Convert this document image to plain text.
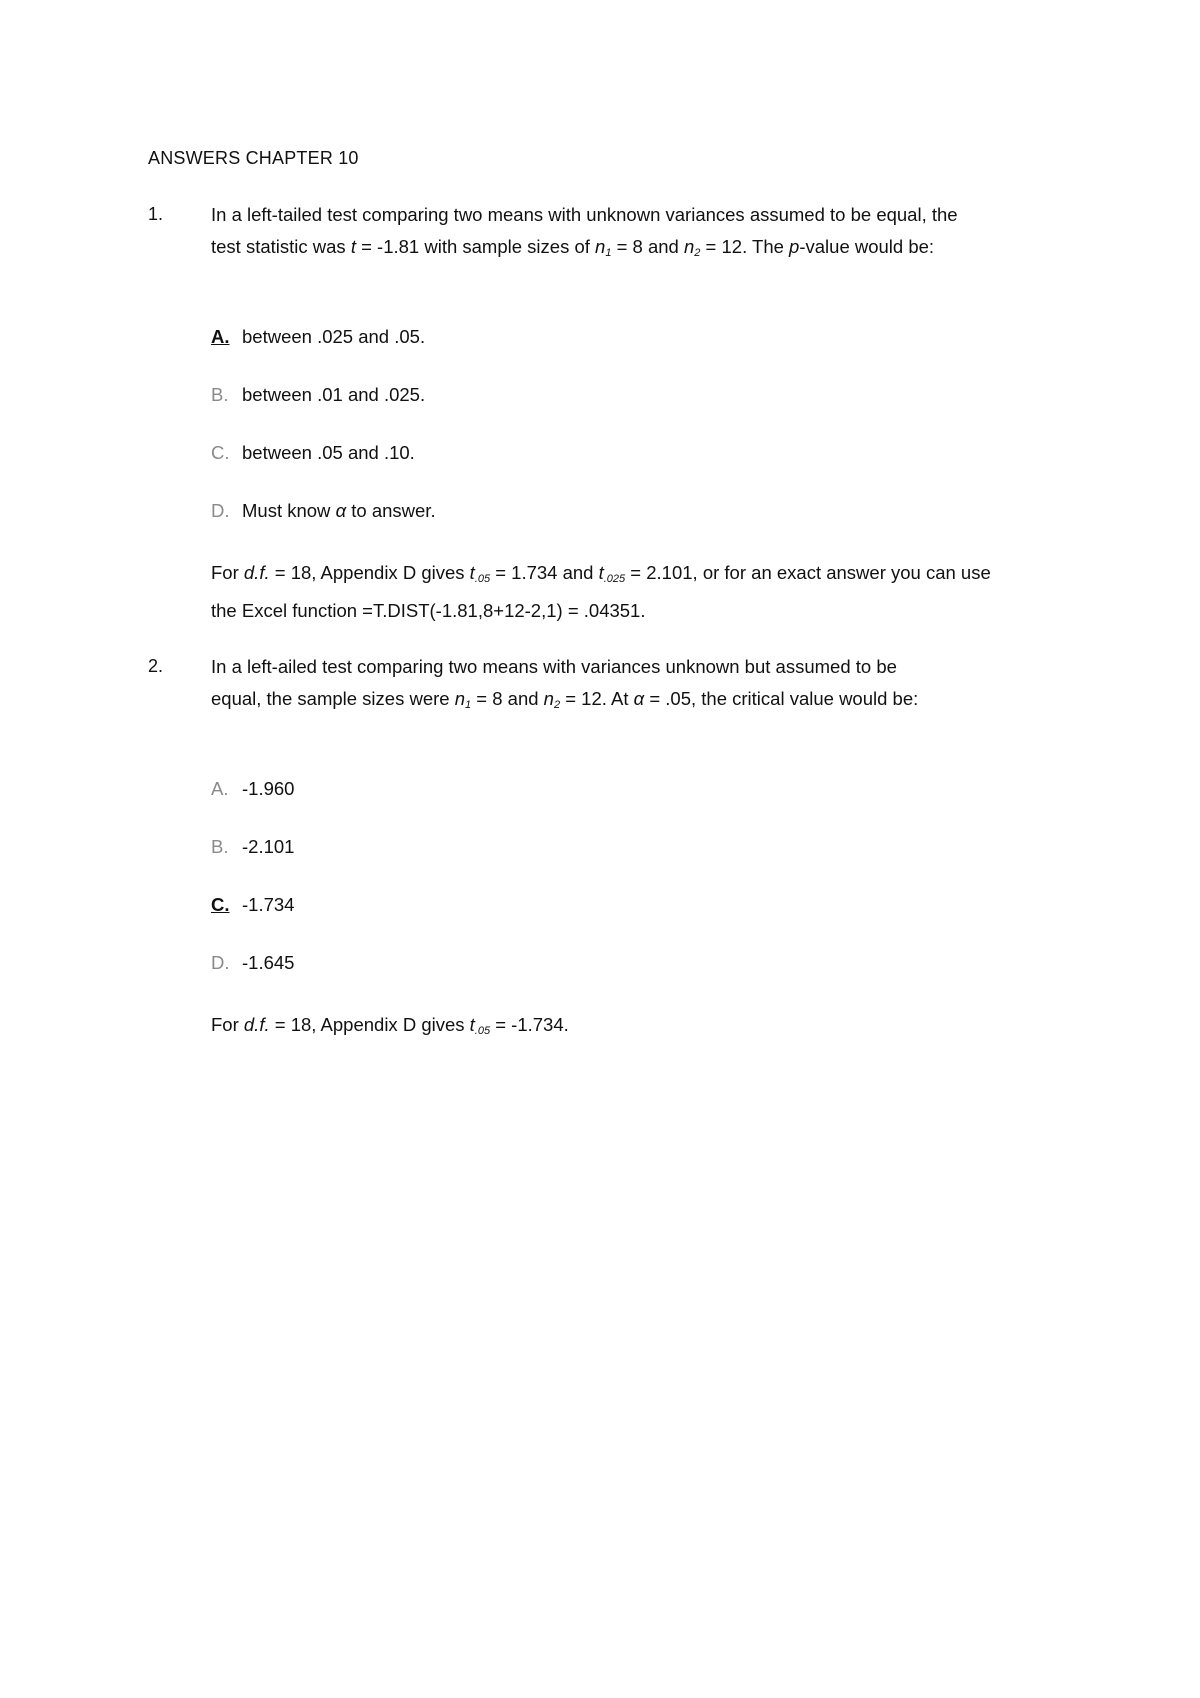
ANSWERS CHAPTER 10
1.	In a left-tailed test comparing two means with unknown variances assumed to be equal, the
test statistic was t = -1.81 with sample sizes of $n_1 = 8$ and $n_2 = 12$. The p-value would be:
A. between .025 and .05.
B. between .01 and .025.
C. between .05 and .10.
D. Must know α to answer.
For d.f. = 18, Appendix D gives t.05 = 1.734 and t.025 = 2.101, or for an exact answer you can use
the Excel function =T.DIST(-1.81,8+12-2,1) = .04351.
2.	In a left-ailed test comparing two means with variances unknown but assumed to be
equal, the sample sizes were $n_1 = 8$ and $n_2 = 12$. At α = .05, the critical value would be:
A. -1.960
B. -2.101
C. -1.734
D. -1.645
For d.f. = 18, Appendix D gives t.05 = -1.734.
